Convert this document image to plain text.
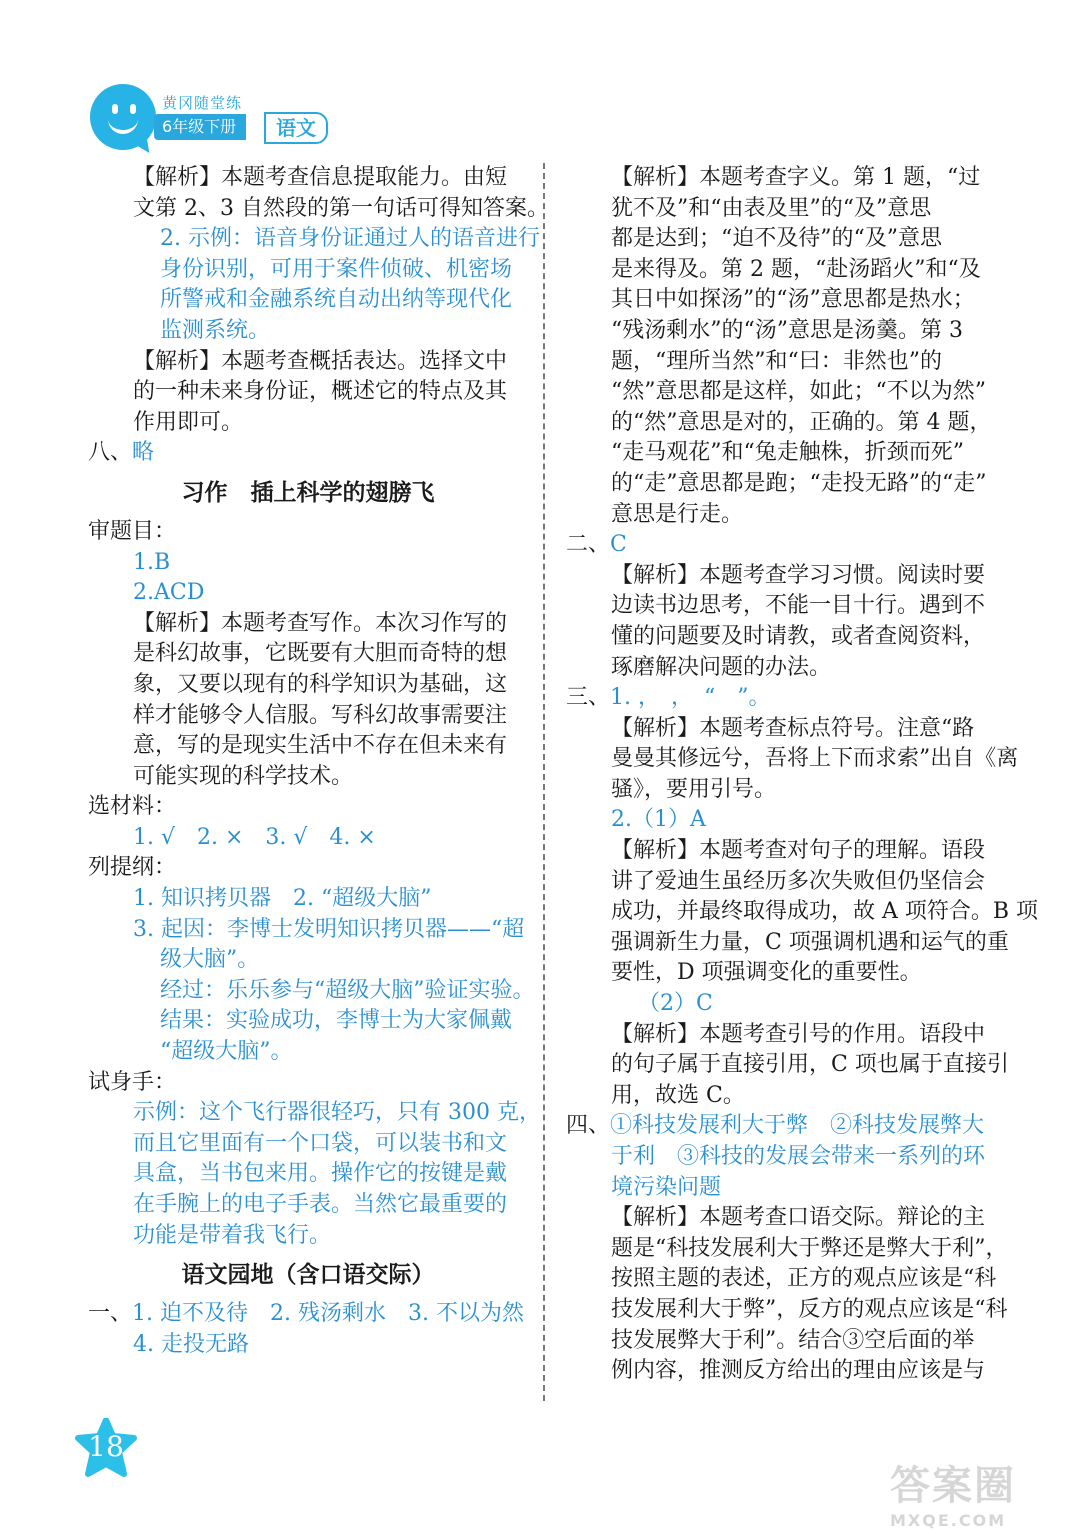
黄冈随堂练
6年级下册	语文
【解析】本题考查信息提取能力。由短
文第 2、3 自然段的第一句话可得知答案。
2. 示例：语音身份证通过人的语音进行
身份识别，可用于案件侦破、机密场
所警戒和金融系统自动出纳等现代化
监测系统。
【解析】本题考查概括表达。选择文中
的一种未来身份证，概述它的特点及其
作用即可。
八、略
习作　插上科学的翅膀飞
审题目：
1.B
2.ACD
【解析】本题考查写作。本次习作写的
是科幻故事，它既要有大胆而奇特的想
象，又要以现有的科学知识为基础，这
样才能够令人信服。写科幻故事需要注
意，写的是现实生活中不存在但未来有
可能实现的科学技术。
选材料：
1. √　2. ×　3. √　4. ×
列提纲：
1. 知识拷贝器　2. “超级大脑”
3. 起因：李博士发明知识拷贝器——“超
级大脑”。
经过：乐乐参与“超级大脑”验证实验。
结果：实验成功，李博士为大家佩戴
“超级大脑”。
试身手：
示例：这个飞行器很轻巧，只有 300 克，
而且它里面有一个口袋，可以装书和文
具盒，当书包来用。操作它的按键是戴
在手腕上的电子手表。当然它最重要的
功能是带着我飞行。
语文园地（含口语交际）
一、1. 迫不及待　2. 残汤剩水　3. 不以为然
4. 走投无路
【解析】本题考查字义。第 1 题，“过
犹不及”和“由表及里”的“及”意思
都是达到；“迫不及待”的“及”意思
是来得及。第 2 题，“赴汤蹈火”和“及
其日中如探汤”的“汤”意思都是热水；
“残汤剩水”的“汤”意思是汤羹。第 3
题，“理所当然”和“曰：非然也”的
“然”意思都是这样，如此；“不以为然”
的“然”意思是对的，正确的。第 4 题，
“走马观花”和“兔走触株，折颈而死”
的“走”意思都是跑；“走投无路”的“走”
意思是行走。
二、C
【解析】本题考查学习习惯。阅读时要
边读书边思考，不能一目十行。遇到不
懂的问题要及时请教，或者查阅资料，
琢磨解决问题的办法。
三、1. ，　，　“　”。
【解析】本题考查标点符号。注意“路
曼曼其修远兮，吾将上下而求索”出自《离
骚》，要用引号。
2.（1）A
【解析】本题考查对句子的理解。语段
讲了爱迪生虽经历多次失败但仍坚信会
成功，并最终取得成功，故 A 项符合。B 项
强调新生力量，C 项强调机遇和运气的重
要性，D 项强调变化的重要性。
（2）C
【解析】本题考查引号的作用。语段中
的句子属于直接引用，C 项也属于直接引
用，故选 C。
四、①科技发展利大于弊　②科技发展弊大
于利　③科技的发展会带来一系列的环
境污染问题
【解析】本题考查口语交际。辩论的主
题是“科技发展利大于弊还是弊大于利”，
按照主题的表述，正方的观点应该是“科
技发展利大于弊”，反方的观点应该是“科
技发展弊大于利”。结合③空后面的举
例内容，推测反方给出的理由应该是与
18
答案圈
MXQE.COM
